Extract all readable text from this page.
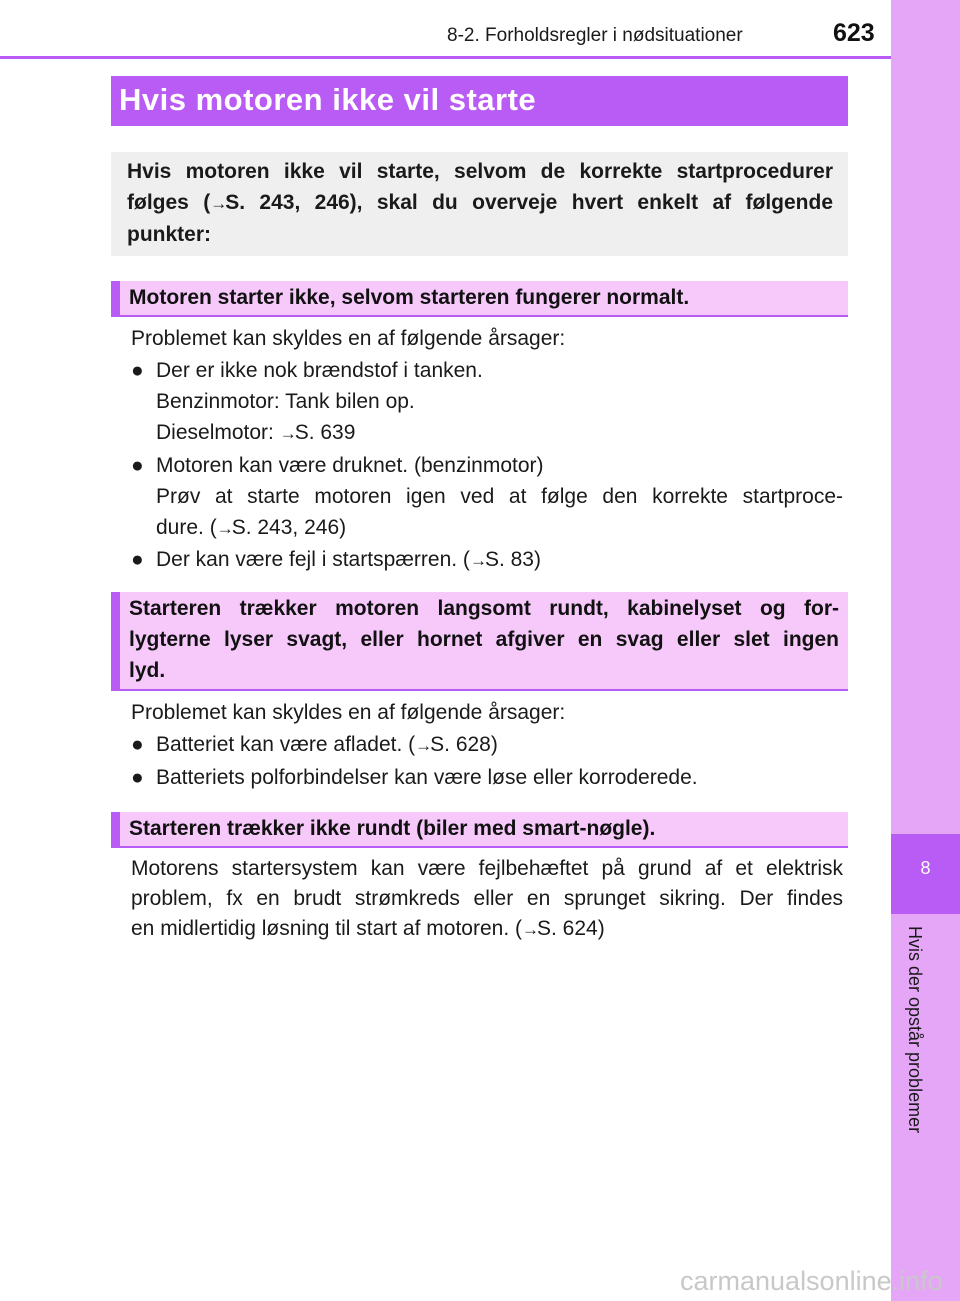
8-2. Forholdsregler i nødsituationer	623
8
Hvis der opstår problemer
Hvis motoren ikke vil starte
Hvis motoren ikke vil starte, selvom de korrekte startprocedurer følges (→S. 243, 246), skal du overveje hvert enkelt af følgende punkter:
Motoren starter ikke, selvom starteren fungerer normalt.
Problemet kan skyldes en af følgende årsager:
● Der er ikke nok brændstof i tanken.
Benzinmotor: Tank bilen op.
Dieselmotor: →S. 639
● Motoren kan være druknet. (benzinmotor)
Prøv at starte motoren igen ved at følge den korrekte startproce-
dure. (→S. 243, 246)
● Der kan være fejl i startspærren. (→S. 83)
Starteren trækker motoren langsomt rundt, kabinelyset og for-
lygterne lyser svagt, eller hornet afgiver en svag eller slet ingen
lyd.
Problemet kan skyldes en af følgende årsager:
● Batteriet kan være afladet. (→S. 628)
● Batteriets polforbindelser kan være løse eller korroderede.
Starteren trækker ikke rundt (biler med smart-nøgle).
Motorens startersystem kan være fejlbehæftet på grund af et elektrisk
problem, fx en brudt strømkreds eller en sprunget sikring. Der findes
en midlertidig løsning til start af motoren. (→S. 624)
carmanualsonline.info
